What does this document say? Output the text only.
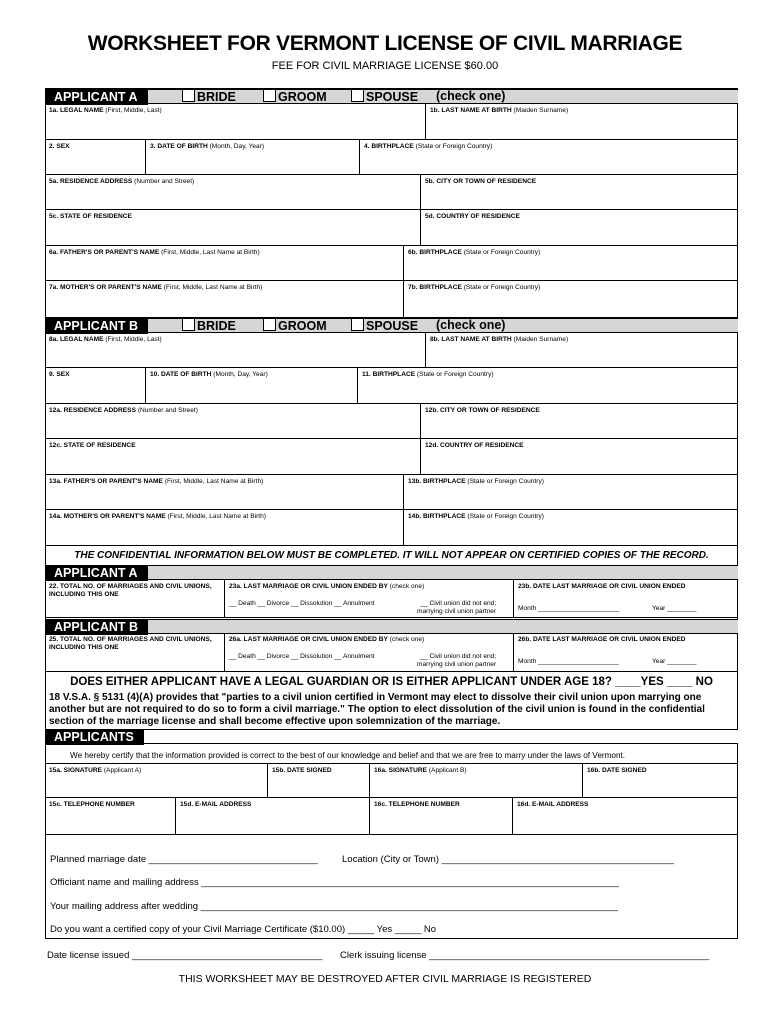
WORKSHEET FOR VERMONT LICENSE OF CIVIL MARRIAGE
FEE FOR CIVIL MARRIAGE LICENSE $60.00
APPLICANT A	BRIDE	GROOM	SPOUSE (check one)
1a. LEGAL NAME (First, Middle, Last)	1b. LAST NAME AT BIRTH (Maiden Surname)
2. SEX	3. DATE OF BIRTH (Month, Day, Year)	4. BIRTHPLACE (State or Foreign Country)
5a. RESIDENCE ADDRESS (Number and Street)	5b. CITY OR TOWN OF RESIDENCE
5c. STATE OF RESIDENCE	5d. COUNTRY OF RESIDENCE
6a. FATHER'S OR PARENT'S NAME (First, Middle, Last Name at Birth)	6b. BIRTHPLACE (State or Foreign Country)
7a. MOTHER'S OR PARENT'S NAME (First, Middle, Last Name at Birth)	7b. BIRTHPLACE (State or Foreign Country)
APPLICANT B	BRIDE	GROOM	SPOUSE (check one)
8a. LEGAL NAME (First, Middle, Last)	8b. LAST NAME AT BIRTH (Maiden Surname)
9. SEX	10. DATE OF BIRTH (Month, Day, Year)	11. BIRTHPLACE (State or Foreign Country)
12a. RESIDENCE ADDRESS (Number and Street)	12b. CITY OR TOWN OF RESIDENCE
12c. STATE OF RESIDENCE	12d. COUNTRY OF RESIDENCE
13a. FATHER'S OR PARENT'S NAME (First, Middle, Last Name at Birth)	13b. BIRTHPLACE (State or Foreign Country)
14a. MOTHER'S OR PARENT'S NAME (First, Middle, Last Name at Birth)	14b. BIRTHPLACE (State or Foreign Country)
THE CONFIDENTIAL INFORMATION BELOW MUST BE COMPLETED. IT WILL NOT APPEAR ON CERTIFIED COPIES OF THE RECORD.
APPLICANT A
22. TOTAL NO. OF MARRIAGES AND CIVIL UNIONS, INCLUDING THIS ONE
23a. LAST MARRIAGE OR CIVIL UNION ENDED BY (check one)
__ Death __ Divorce __ Dissolution __ Annulment	__ Civil union did not end;
marrying civil union partner
23b. DATE LAST MARRIAGE OR CIVIL UNION ENDED
Month ______________________	Year ________
APPLICANT B
25. TOTAL NO. OF MARRIAGES AND CIVIL UNIONS, INCLUDING THIS ONE
26a. LAST MARRIAGE OR CIVIL UNION ENDED BY (check one)
__ Death __ Divorce __ Dissolution __ Annulment	__ Civil union did not end;
marrying civil union partner
26b. DATE LAST MARRIAGE OR CIVIL UNION ENDED
Month ______________________	Year ________
DOES EITHER APPLICANT HAVE A LEGAL GUARDIAN OR IS EITHER APPLICANT UNDER AGE 18? ____YES ____ NO
18 V.S.A. § 5131 (4)(A) provides that "parties to a civil union certified in Vermont may elect to dissolve their civil union upon marrying one another but are not required to do so to form a civil marriage." The option to elect dissolution of the civil union is found in the confidential section of the marriage license and shall become effective upon solemnization of the marriage.
APPLICANTS
We hereby certify that the information provided is correct to the best of our knowledge and belief and that we are free to marry under the laws of Vermont.
15a. SIGNATURE (Applicant A)	15b. DATE SIGNED	16a. SIGNATURE (Applicant B)	16b. DATE SIGNED
15c. TELEPHONE NUMBER	15d. E-MAIL ADDRESS	16c. TELEPHONE NUMBER	16d. E-MAIL ADDRESS
Planned marriage date ________________________________	Location (City or Town) ____________________________________________
Officiant name and mailing address _______________________________________________________________________________
Your mailing address after wedding _______________________________________________________________________________
Do you want a certified copy of your Civil Marriage Certificate ($10.00) _____ Yes _____ No
Date license issued ____________________________________ Clerk issuing license _____________________________________________________
THIS WORKSHEET MAY BE DESTROYED AFTER CIVIL MARRIAGE IS REGISTERED
